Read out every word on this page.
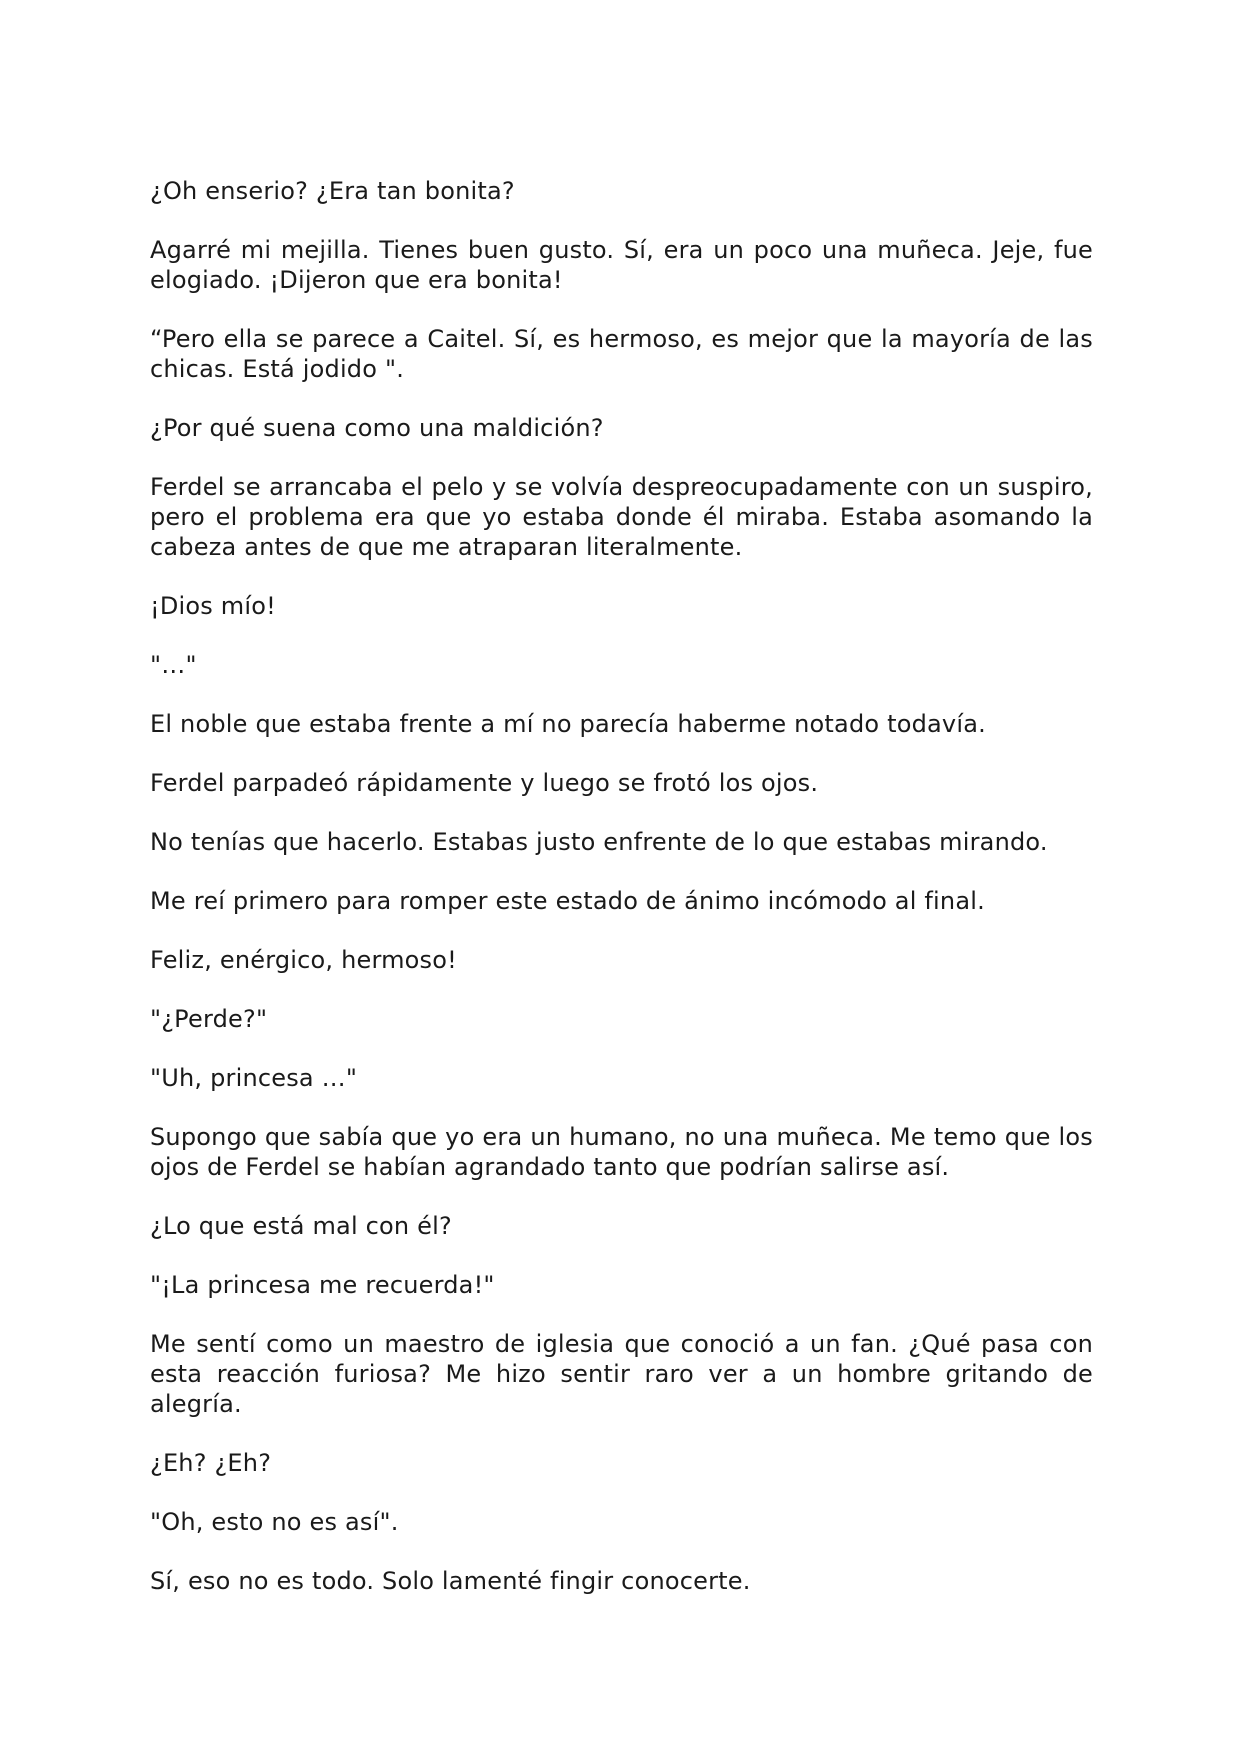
¿Oh enserio? ¿Era tan bonita?

Agarré mi mejilla. Tienes buen gusto. Sí, era un poco una muñeca. Jeje, fue elogiado. ¡Dijeron que era bonita!

“Pero ella se parece a Caitel. Sí, es hermoso, es mejor que la mayoría de las chicas. Está jodido ".

¿Por qué suena como una maldición?

Ferdel se arrancaba el pelo y se volvía despreocupadamente con un suspiro, pero el problema era que yo estaba donde él miraba. Estaba asomando la cabeza antes de que me atraparan literalmente.

¡Dios mío!

"…"

El noble que estaba frente a mí no parecía haberme notado todavía.

Ferdel parpadeó rápidamente y luego se frotó los ojos.

No tenías que hacerlo. Estabas justo enfrente de lo que estabas mirando.

Me reí primero para romper este estado de ánimo incómodo al final.

Feliz, enérgico, hermoso!

"¿Perde?"

"Uh, princesa …"

Supongo que sabía que yo era un humano, no una muñeca. Me temo que los ojos de Ferdel se habían agrandado tanto que podrían salirse así.

¿Lo que está mal con él?

"¡La princesa me recuerda!"

Me sentí como un maestro de iglesia que conoció a un fan. ¿Qué pasa con esta reacción furiosa? Me hizo sentir raro ver a un hombre gritando de alegría.

¿Eh? ¿Eh?

"Oh, esto no es así".

Sí, eso no es todo. Solo lamenté fingir conocerte.
